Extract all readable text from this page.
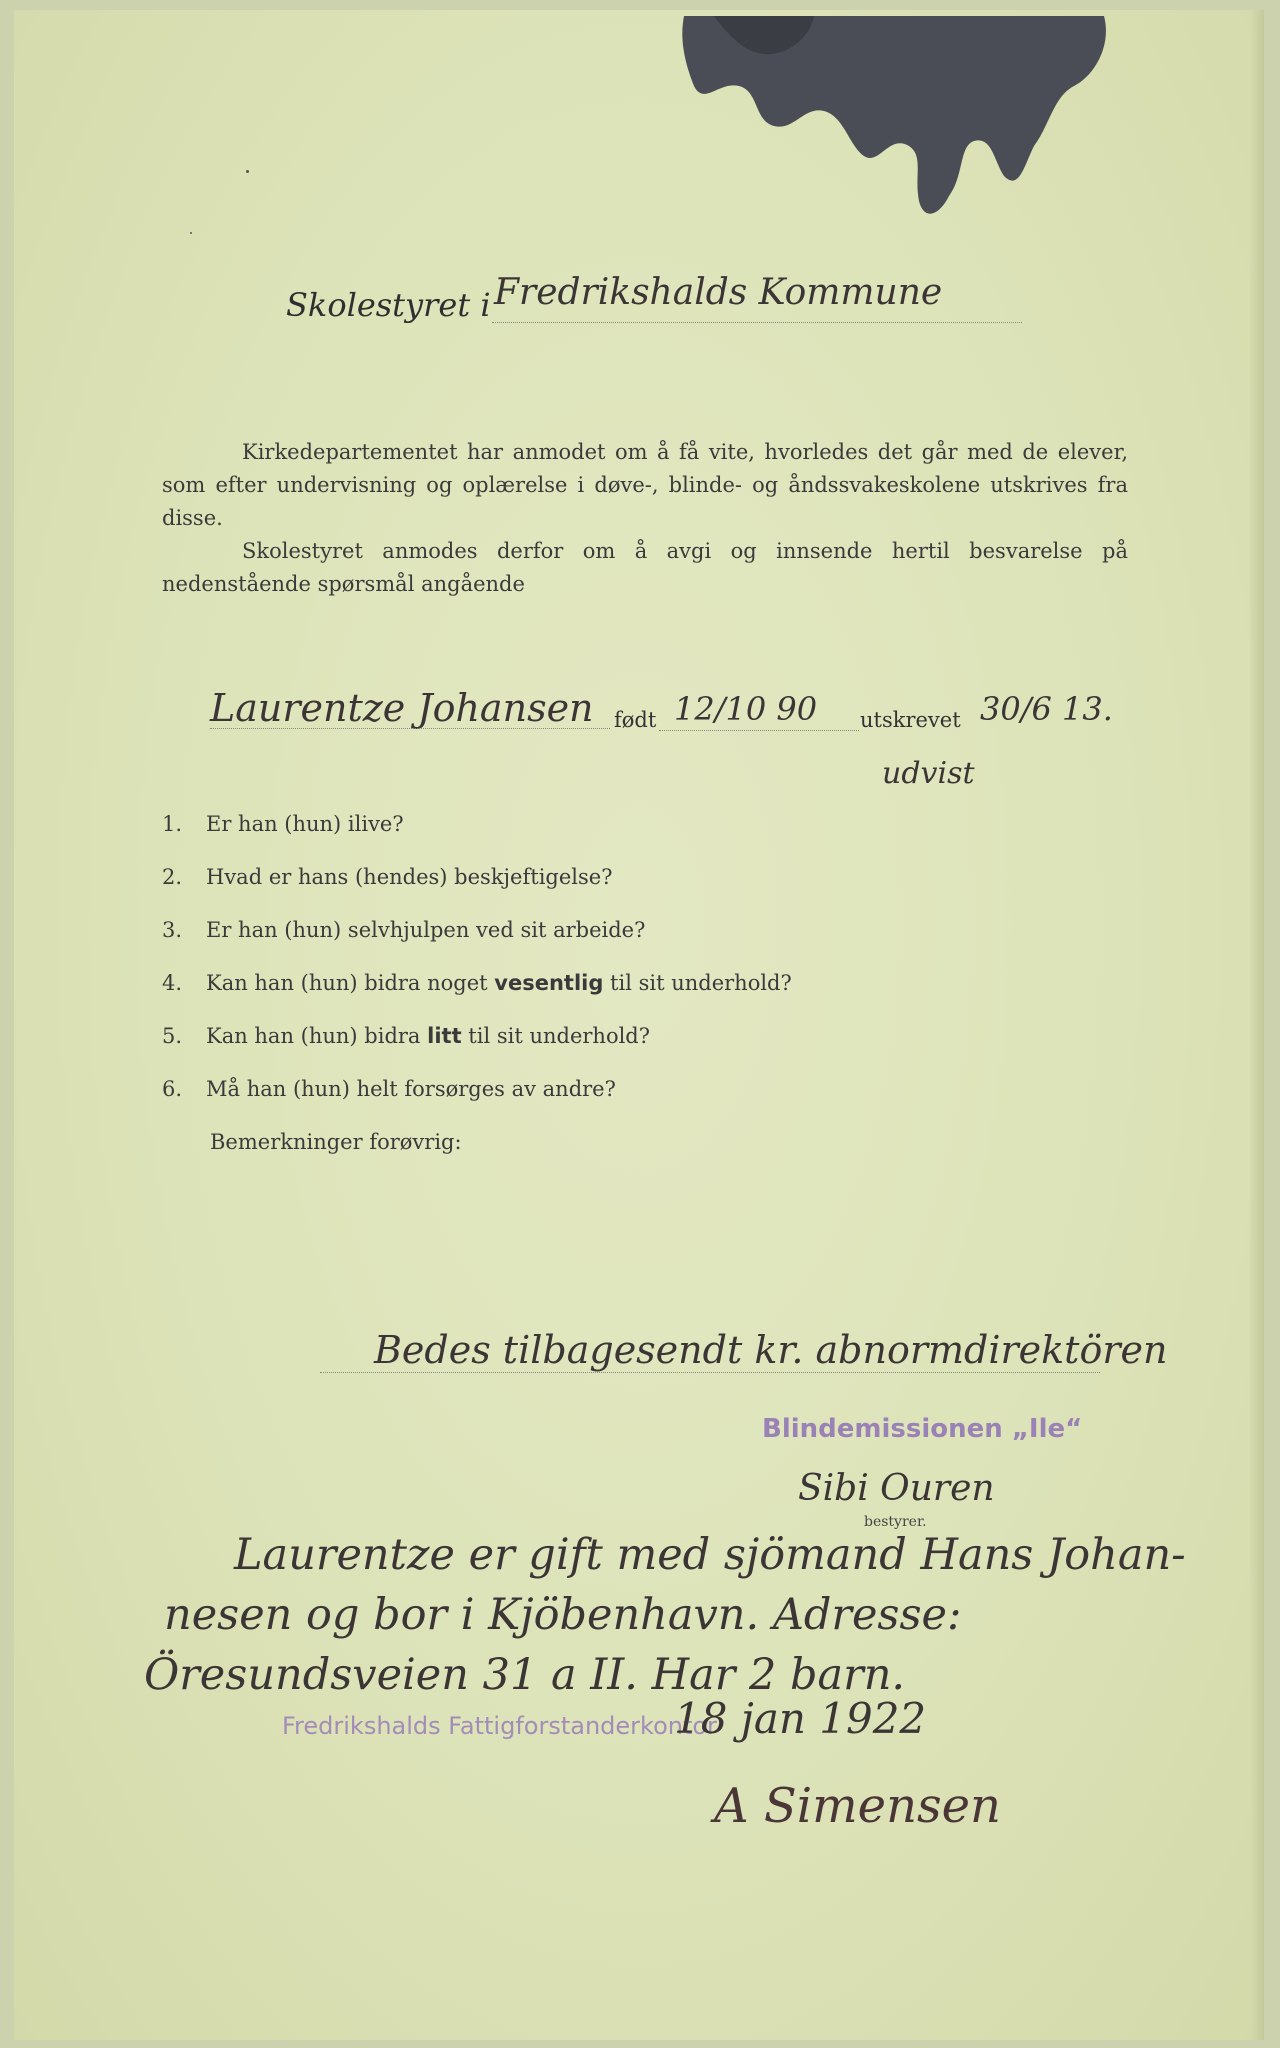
Skolestyret i Fredrikshalds Kommune

Kirkedepartementet har anmodet om å få vite, hvorledes det går med de elever, som efter undervisning og oplærelse i døve-, blinde- og åndssvakeskolene utskrives fra disse.

Skolestyret anmodes derfor om å avgi og innsende hertil besvarelse på nedenstående spørsmål angående

Laurentze Johansen født 12/10 90 utskrevet 30/6 13.
udvist
1. Er han (hun) ilive?
2. Hvad er hans (hendes) beskjeftigelse?
3. Er han (hun) selvhjulpen ved sit arbeide?
4. Kan han (hun) bidra noget vesentlig til sit underhold?
5. Kan han (hun) bidra litt til sit underhold?
6. Må han (hun) helt forsørges av andre?
Bemerkninger forøvrig:
Bedes tilbagesendt kr. abnormdirektören
Blindemissionen „Ile“
Sibi Ouren
bestyrer.
Laurentze er gift med sjömand Hans Johan-
nesen og bor i Kjöbenhavn. Adresse:
Öresundsveien 31 a II. Har 2 barn.
Fredrikshalds Fattigforstanderkontor
18 jan 1922
A Simensen
